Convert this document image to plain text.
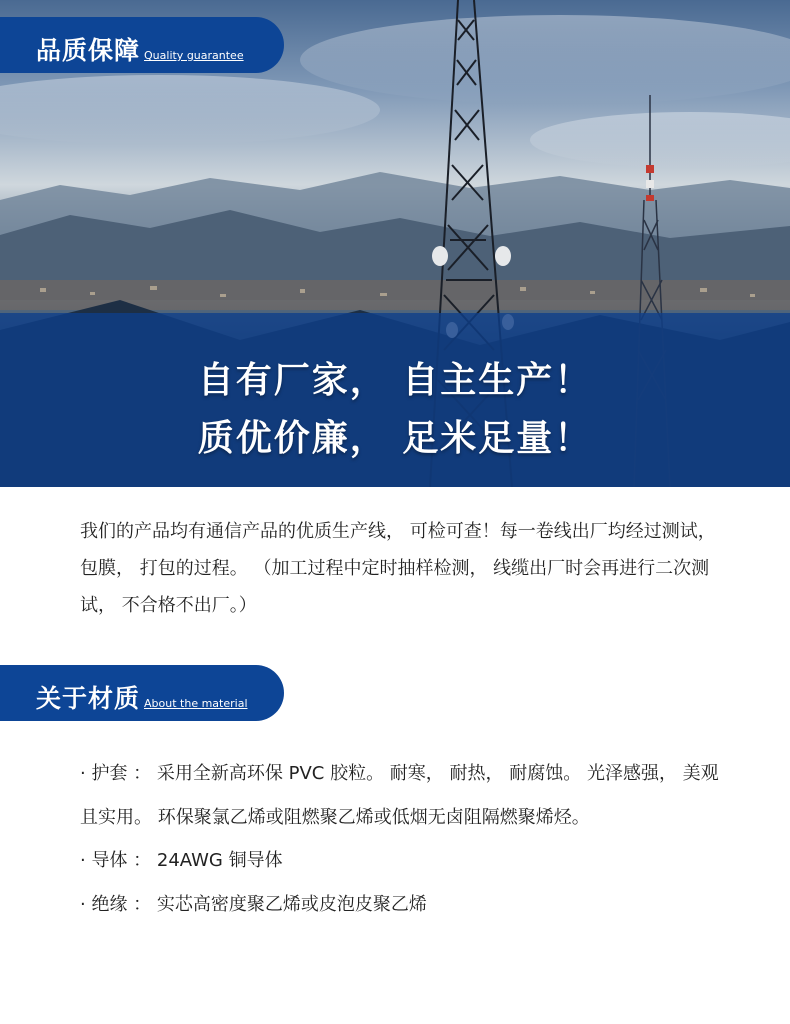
自有厂家， 自主生产！
质优价廉， 足米足量！
品质保障 Quality guarantee
我们的产品均有通信产品的优质生产线， 可检可查！每一卷线出厂均经过测试， 包膜， 打包的过程。 （加工过程中定时抽样检测， 线缆出厂时会再进行二次测试， 不合格不出厂。）
关于材质 About the material

· 护套 ： 采用全新高环保 PVC 胶粒。 耐寒， 耐热， 耐腐蚀。 光泽感强， 美观且实用。 环保聚氯乙烯或阻燃聚乙烯或低烟无卤阻隔燃聚烯烃。

· 导体 ： 24AWG 铜导体

· 绝缘 ： 实芯高密度聚乙烯或皮泡皮聚乙烯
